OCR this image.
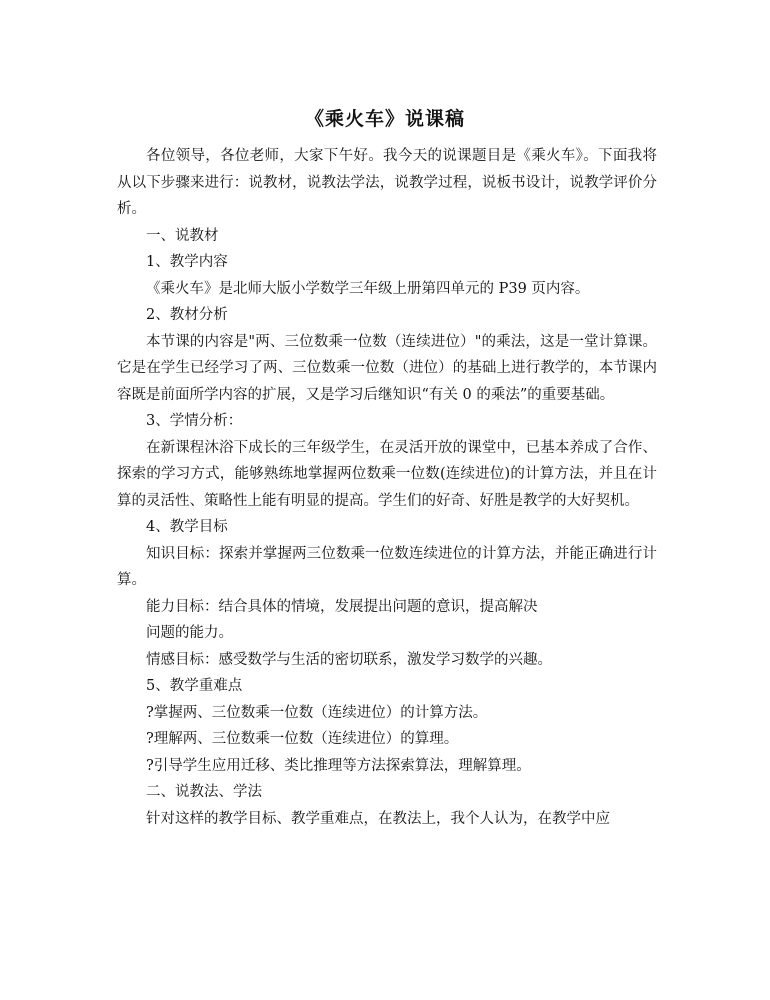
《乘火车》说课稿

各位领导，各位老师，大家下午好。我今天的说课题目是《乘火车》。下面我将从以下步骤来进行：说教材，说教法学法，说教学过程，说板书设计，说教学评价分析。

一、说教材

1、教学内容

《乘火车》是北师大版小学数学三年级上册第四单元的 P39 页内容。

2、教材分析

本节课的内容是"两、三位数乘一位数（连续进位）"的乘法，这是一堂计算课。它是在学生已经学习了两、三位数乘一位数（进位）的基础上进行教学的，本节课内容既是前面所学内容的扩展，又是学习后继知识“有关 0 的乘法”的重要基础。

3、学情分析：

在新课程沐浴下成长的三年级学生，在灵活开放的课堂中，已基本养成了合作、探索的学习方式，能够熟练地掌握两位数乘一位数(连续进位)的计算方法，并且在计算的灵活性、策略性上能有明显的提高。学生们的好奇、好胜是教学的大好契机。

4、教学目标

知识目标：探索并掌握两三位数乘一位数连续进位的计算方法，并能正确进行计算。

能力目标：结合具体的情境，发展提出问题的意识，提高解决

问题的能力。

情感目标：感受数学与生活的密切联系，激发学习数学的兴趣。

5、教学重难点

?掌握两、三位数乘一位数（连续进位）的计算方法。

?理解两、三位数乘一位数（连续进位）的算理。

?引导学生应用迁移、类比推理等方法探索算法，理解算理。

二、说教法、学法

针对这样的教学目标、教学重难点，在教法上，我个人认为，在教学中应
